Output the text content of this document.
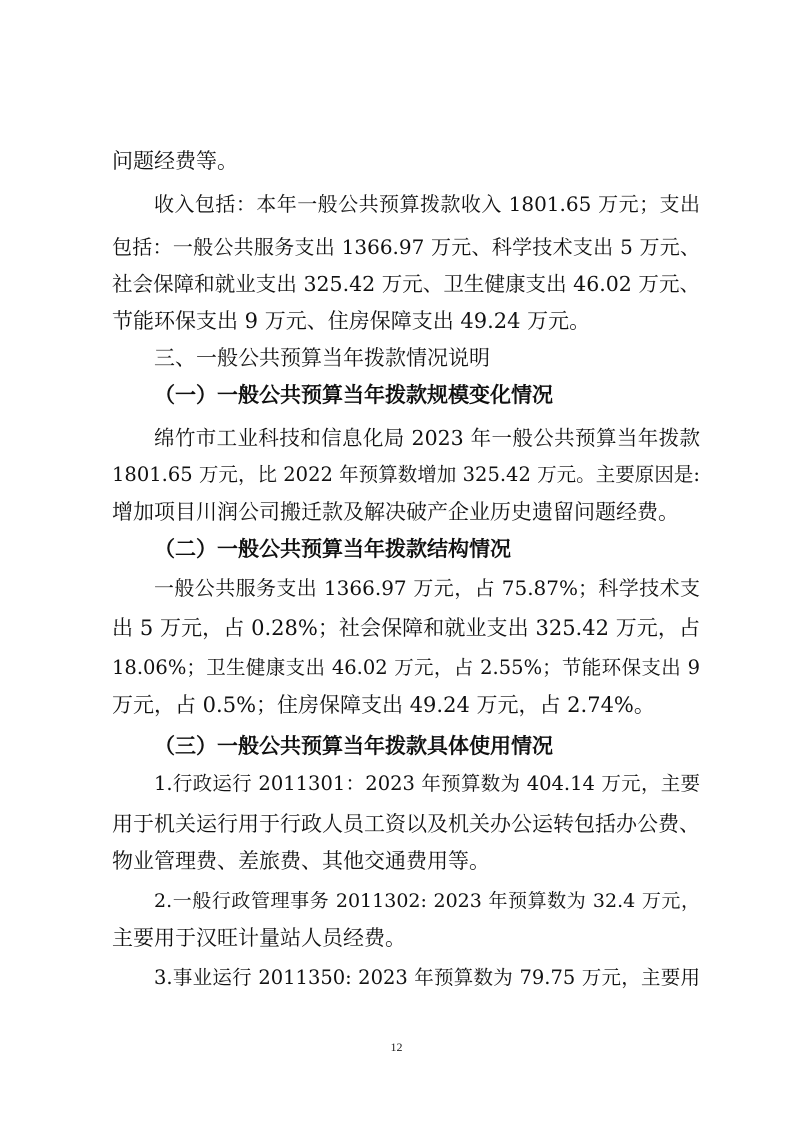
问题经费等。
收入包括：本年一般公共预算拨款收入 1801.65 万元；支出
包括：一般公共服务支出 1366.97 万元、科学技术支出 5 万元、
社会保障和就业支出 325.42 万元、卫生健康支出 46.02 万元、
节能环保支出 9 万元、住房保障支出 49.24 万元。
三、一般公共预算当年拨款情况说明
（一）一般公共预算当年拨款规模变化情况
绵竹市工业科技和信息化局 2023 年一般公共预算当年拨款
1801.65 万元，比 2022 年预算数增加 325.42 万元。主要原因是:
增加项目川润公司搬迁款及解决破产企业历史遗留问题经费。
（二）一般公共预算当年拨款结构情况
一般公共服务支出 1366.97 万元，占 75.87%；科学技术支
出 5 万元，占 0.28%；社会保障和就业支出 325.42 万元，占
18.06%；卫生健康支出 46.02 万元，占 2.55%；节能环保支出 9
万元，占 0.5%；住房保障支出 49.24 万元，占 2.74%。
（三）一般公共预算当年拨款具体使用情况
1.行政运行 2011301：2023 年预算数为 404.14 万元，主要
用于机关运行用于行政人员工资以及机关办公运转包括办公费、
物业管理费、差旅费、其他交通费用等。
2.一般行政管理事务 2011302: 2023 年预算数为 32.4 万元，
主要用于汉旺计量站人员经费。
3.事业运行 2011350: 2023 年预算数为 79.75 万元，主要用
12
